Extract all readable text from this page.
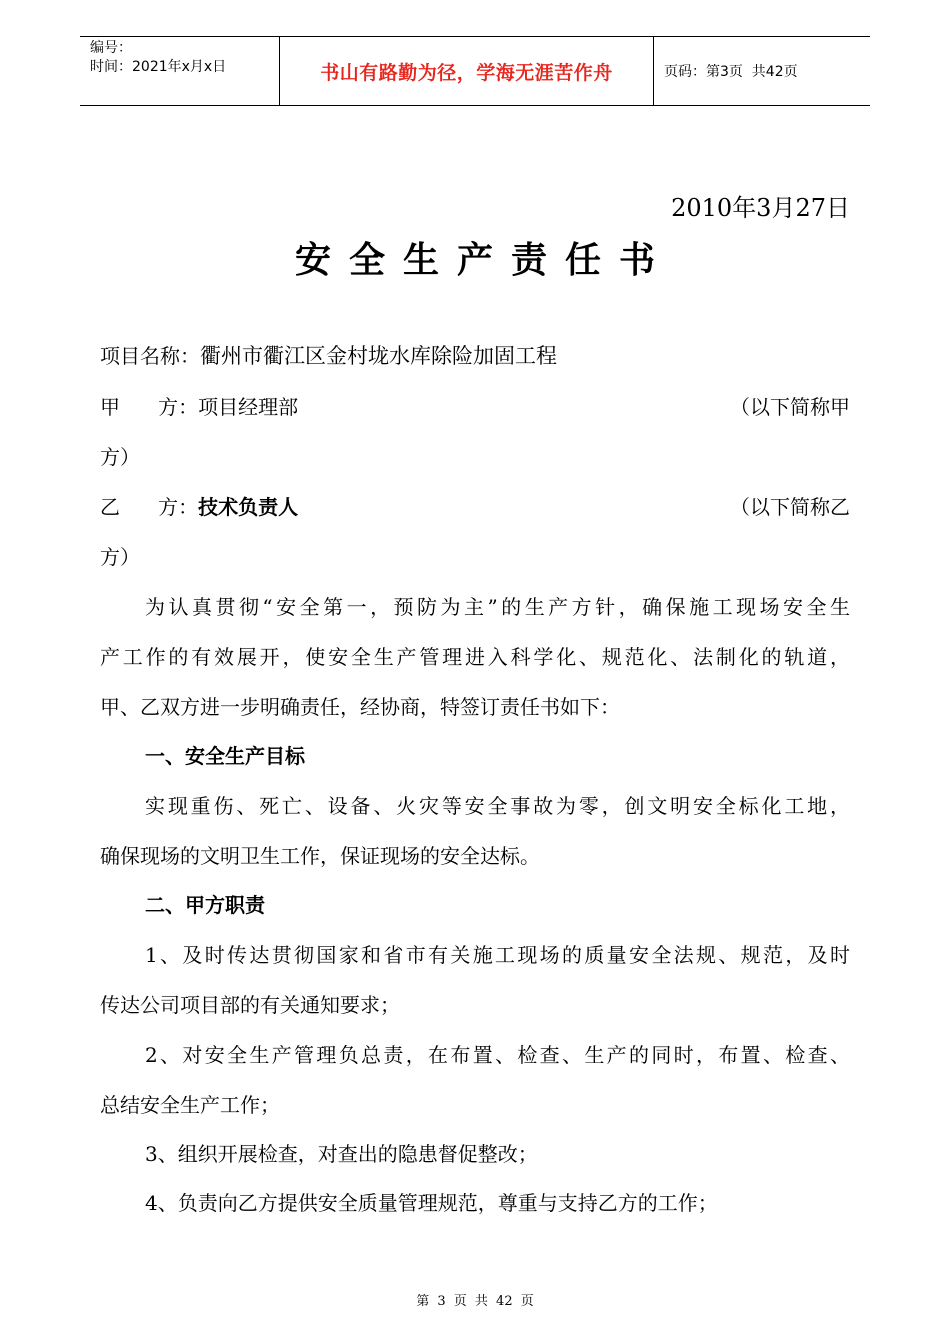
编号：
时间：2021年x月x日	书山有路勤为径，学海无涯苦作舟	页码：第3页  共42页
2010年3月27日
安全生产责任书
项目名称：衢州市衢江区金村垅水库除险加固工程
甲      方：项目经理部	（以下简称甲
方）
乙      方：技术负责人	（以下简称乙
方）
为认真贯彻“安全第一，预防为主”的生产方针，确保施工现场安全生
产工作的有效展开，使安全生产管理进入科学化、规范化、法制化的轨道，
甲、乙双方进一步明确责任，经协商，特签订责任书如下：
一、安全生产目标
实现重伤、死亡、设备、火灾等安全事故为零，创文明安全标化工地，
确保现场的文明卫生工作，保证现场的安全达标。
二、甲方职责
1、及时传达贯彻国家和省市有关施工现场的质量安全法规、规范，及时
传达公司项目部的有关通知要求；
2、对安全生产管理负总责，在布置、检查、生产的同时，布置、检查、
总结安全生产工作；
3、组织开展检查，对查出的隐患督促整改；
4、负责向乙方提供安全质量管理规范，尊重与支持乙方的工作；
第 3 页 共 42 页
